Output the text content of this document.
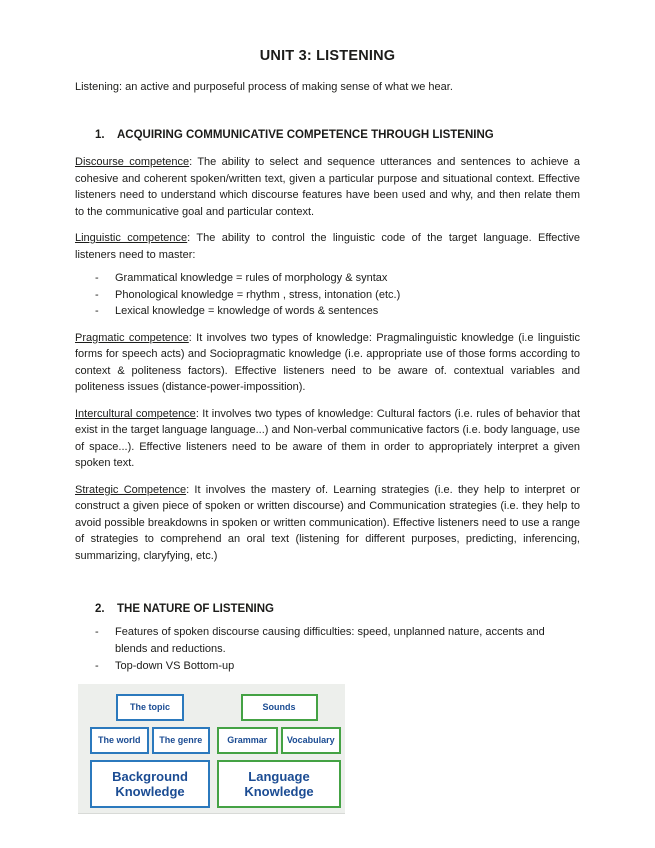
UNIT 3: LISTENING
Listening: an active and purposeful process of making sense of what we hear.
1.	ACQUIRING COMMUNICATIVE COMPETENCE THROUGH LISTENING

Discourse competence: The ability to select and sequence utterances and sentences to achieve a cohesive and coherent spoken/written text, given a particular purpose and situational context. Effective listeners need to understand which discourse features have been used and why, and then relate them to the communicative goal and particular context.

Linguistic competence: The ability to control the linguistic code of the target language. Effective listeners need to master:

-	Grammatical knowledge = rules of morphology & syntax
-	Phonological knowledge = rhythm , stress, intonation (etc.)
-	Lexical knowledge = knowledge of words & sentences

Pragmatic competence: It involves two types of knowledge: Pragmalinguistic knowledge (i.e linguistic forms for speech acts) and Sociopragmatic knowledge (i.e. appropriate use of those forms according to context & politeness factors). Effective listeners need to be aware of. contextual variables and politeness issues (distance-power-impossition).

Intercultural competence: It involves two types of knowledge: Cultural factors (i.e. rules of behavior that exist in the target language language...) and Non-verbal communicative factors (i.e. body language, use of space...). Effective listeners need to be aware of them in order to appropriately interpret a given spoken text.

Strategic Competence: It involves the mastery of. Learning strategies (i.e. they help to interpret or construct a given piece of spoken or written discourse) and Communication strategies (i.e. they help to avoid possible breakdowns in spoken or written communication). Effective listeners need to use a range of strategies to comprehend an oral text (listening for different purposes, predicting, inferencing, summarizing, claryfying, etc.)

2.	THE NATURE OF LISTENING
-	Features of spoken discourse causing difficulties: speed, unplanned nature, accents and blends and reductions.
-	Top-down VS Bottom-up
The topic
The world	The genre
Background Knowledge
Sounds
Grammar	Vocabulary
Language Knowledge
